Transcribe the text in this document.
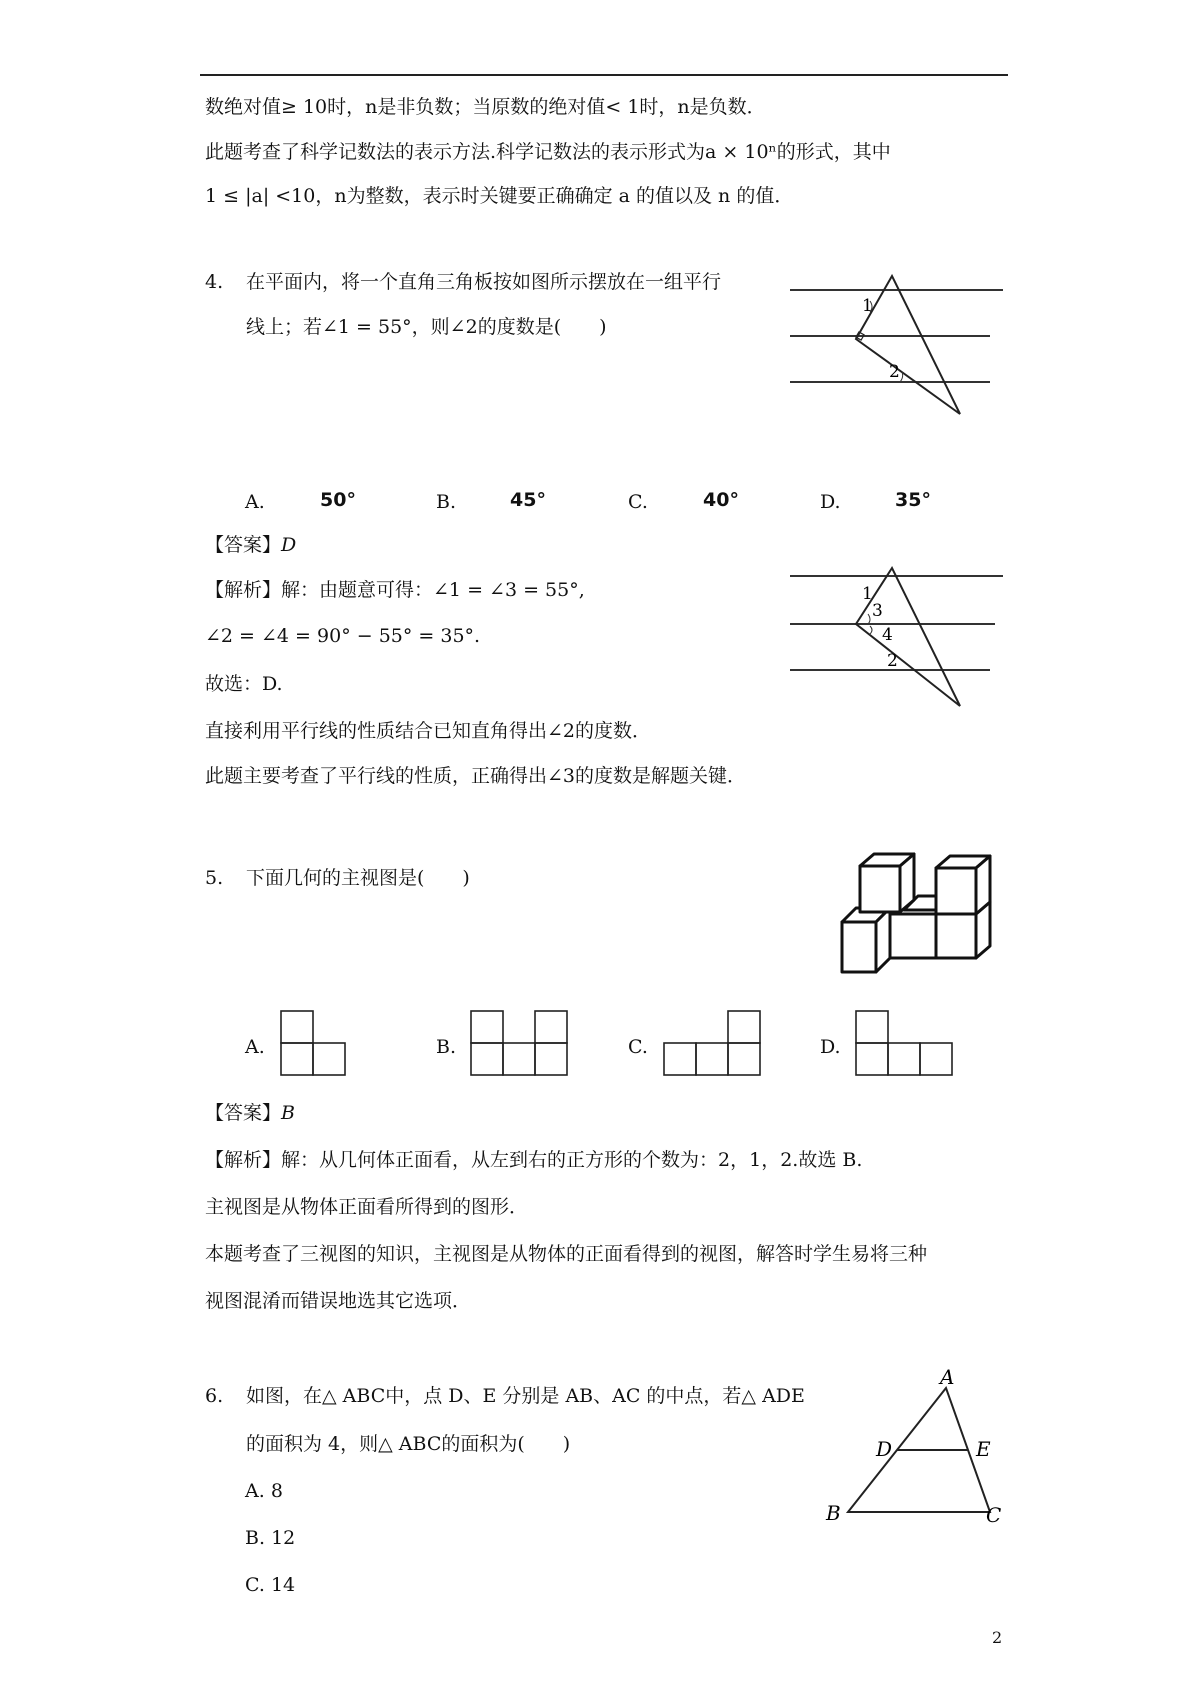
数绝对值≥ 10时，n是非负数；当原数的绝对值< 1时，n是负数．
此题考查了科学记数法的表示方法.科学记数法的表示形式为a × 10ⁿ的形式，其中
1 ≤ |a| <10，n为整数，表示时关键要正确确定 a 的值以及 n 的值．
4. 在平面内，将一个直角三角板按如图所示摆放在一组平行
线上；若∠1 = 55°，则∠2的度数是(　　)
1
2
A.	50°	B.	45°	C.	40°	D.	35°
【答案】D
【解析】解：由题意可得：∠1 = ∠3 = 55°,
∠2 = ∠4 = 90° − 55° = 35°.
故选：D.
直接利用平行线的性质结合已知直角得出∠2的度数．
此题主要考查了平行线的性质，正确得出∠3的度数是解题关键．
1
3
4
2
5. 下面几何的主视图是(　　)
A.	B.	C.	D.
【答案】B
【解析】解：从几何体正面看，从左到右的正方形的个数为：2，1，2.故选 B.
主视图是从物体正面看所得到的图形．
本题考查了三视图的知识，主视图是从物体的正面看得到的视图，解答时学生易将三种
视图混淆而错误地选其它选项．
6. 如图，在△ ABC中，点 D、E 分别是 AB、AC 的中点，若△ ADE
的面积为 4，则△ ABC的面积为(　　)
A. 8
B. 12
C. 14
A
D	E
B	C
2
